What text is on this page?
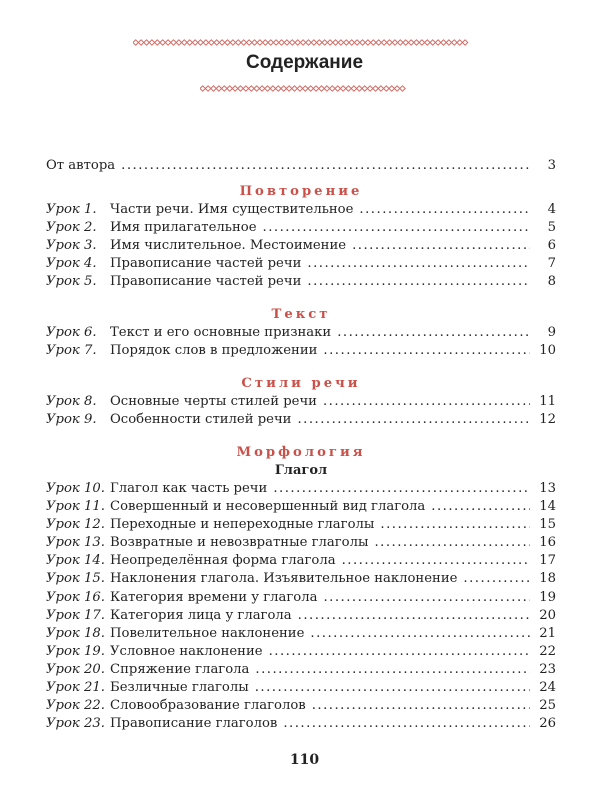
Содержание
От автора .....	3
Повторение
Урок 1.	Части речи. Имя существительное .....	4
Урок 2.	Имя прилагательное .....	5
Урок 3.	Имя числительное. Местоимение .....	6
Урок 4.	Правописание частей речи .....	7
Урок 5.	Правописание частей речи .....	8
Текст
Урок 6.	Текст и его основные признаки .....	9
Урок 7.	Порядок слов в предложении .....	10
Стили речи
Урок 8.	Основные черты стилей речи .....	11
Урок 9.	Особенности стилей речи .....	12
Морфология
Глагол
Урок 10. Глагол как часть речи .....	13
Урок 11. Совершенный и несовершенный вид глагола .....	14
Урок 12. Переходные и непереходные глаголы .....	15
Урок 13. Возвратные и невозвратные глаголы .....	16
Урок 14. Неопределённая форма глагола .....	17
Урок 15. Наклонения глагола. Изъявительное наклонение .....	18
Урок 16. Категория времени у глагола .....	19
Урок 17. Категория лица у глагола .....	20
Урок 18. Повелительное наклонение .....	21
Урок 19. Условное наклонение .....	22
Урок 20. Спряжение глагола .....	23
Урок 21. Безличные глаголы .....	24
Урок 22. Словообразование глаголов .....	25
Урок 23. Правописание глаголов .....	26
110
